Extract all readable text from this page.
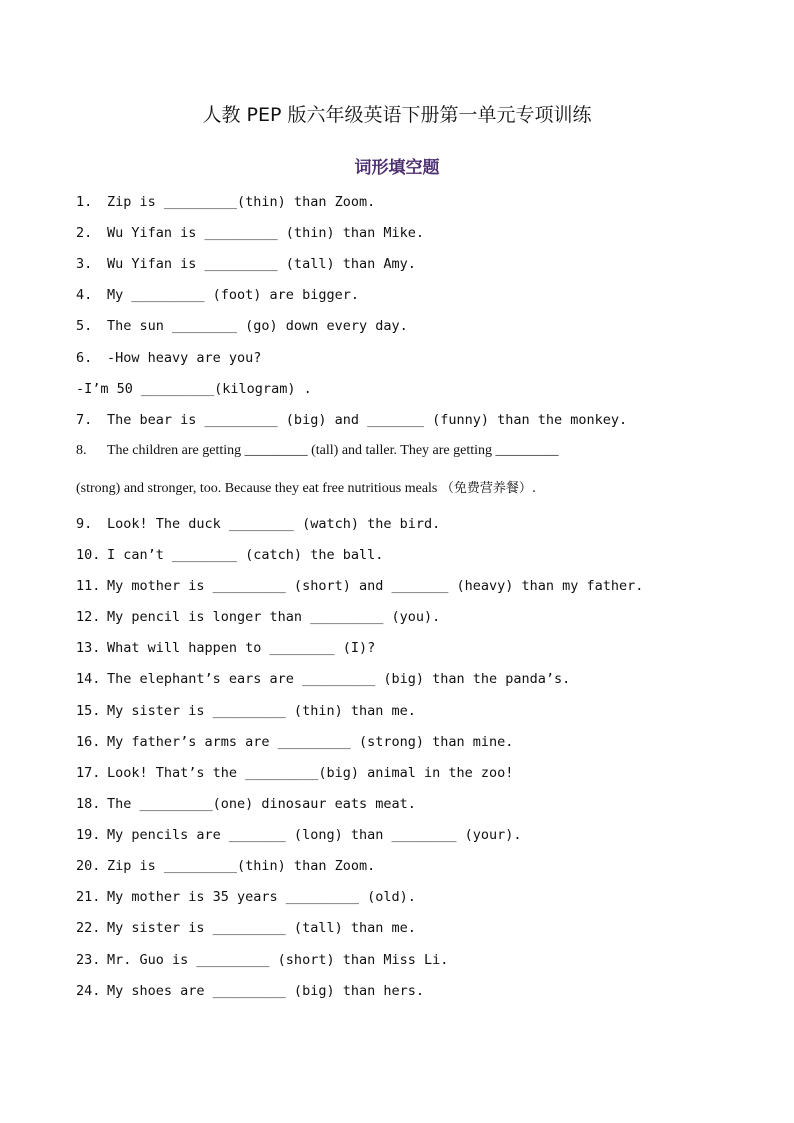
人教 PEP 版六年级英语下册第一单元专项训练
词形填空题
1. Zip is _________(thin) than Zoom.
2. Wu Yifan is _________ (thin) than Mike.
3. Wu Yifan is _________ (tall) than Amy.
4. My _________ (foot) are bigger.
5. The sun ________ (go) down every day.
6. -How heavy are you?
-I’m 50 _________(kilogram) .
7. The bear is _________ (big) and _______ (funny) than the monkey.
8. The children are getting _________ (tall) and taller. They are getting _________
(strong) and stronger, too. Because they eat free nutritious meals （免费营养餐）.
9. Look! The duck ________ (watch) the bird.
10. I can’t ________ (catch) the ball.
11. My mother is _________ (short) and _______ (heavy) than my father.
12. My pencil is longer than _________ (you).
13. What will happen to ________ (I)?
14. The elephant’s ears are _________ (big) than the panda’s.
15. My sister is _________ (thin) than me.
16. My father’s arms are _________ (strong) than mine.
17. Look! That’s the _________(big) animal in the zoo!
18. The _________(one) dinosaur eats meat.
19. My pencils are _______ (long) than ________ (your).
20. Zip is _________(thin) than Zoom.
21. My mother is 35 years _________ (old).
22. My sister is _________ (tall) than me.
23. Mr. Guo is _________ (short) than Miss Li.
24. My shoes are _________ (big) than hers.
